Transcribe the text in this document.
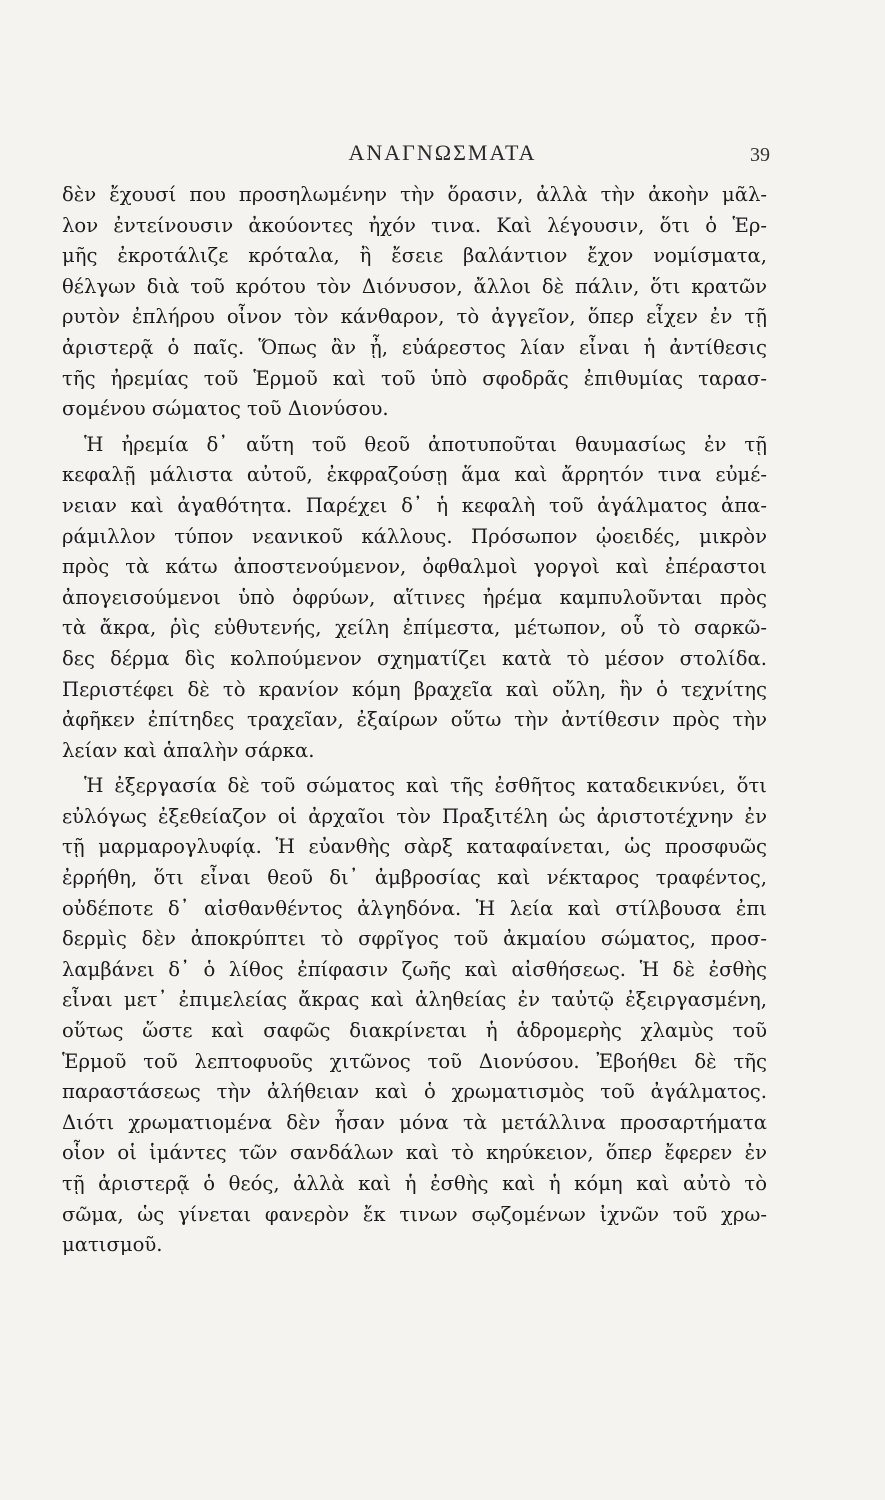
ΑΝΑΓΝΩΣΜΑΤΑ	39
δὲν ἔχουσί που προσηλωμένην τὴν ὅρασιν, ἀλλὰ τὴν ἀκοὴν μᾶλ-
λον ἐντείνουσιν ἀκούοντες ἠχόν τινα. Καὶ λέγουσιν, ὅτι ὁ Ἑρ-
μῆς ἐκροτάλιζε κρόταλα, ἢ ἔσειε βαλάντιον ἔχον νομίσματα,
θέλγων διὰ τοῦ κρότου τὸν Διόνυσον, ἄλλοι δὲ πάλιν, ὅτι κρατῶν
ρυτὸν ἐπλήρου οἶνον τὸν κάνθαρον, τὸ ἀγγεῖον, ὅπερ εἶχεν ἐν τῇ
ἀριστερᾷ ὁ παῖς. Ὅπως ἂν ᾖ, εὐάρεστος λίαν εἶναι ἡ ἀντίθεσις
τῆς ἠρεμίας τοῦ Ἑρμοῦ καὶ τοῦ ὑπὸ σφοδρᾶς ἐπιθυμίας ταρασ-
σομένου σώματος τοῦ Διονύσου.
Ἡ ἠρεμία δ᾽ αὕτη τοῦ θεοῦ ἀποτυποῦται θαυμασίως ἐν τῇ
κεφαλῇ μάλιστα αὐτοῦ, ἐκφραζούσῃ ἅμα καὶ ἄρρητόν τινα εὐμέ-
νειαν καὶ ἀγαθότητα. Παρέχει δ᾽ ἡ κεφαλὴ τοῦ ἀγάλματος ἀπα-
ράμιλλον τύπον νεανικοῦ κάλλους. Πρόσωπον ᾠοειδές, μικρὸν
πρὸς τὰ κάτω ἀποστενούμενον, ὀφθαλμοὶ γοργοὶ καὶ ἐπέραστοι
ἀπογεισούμενοι ὑπὸ ὀφρύων, αἵτινες ἠρέμα καμπυλοῦνται πρὸς
τὰ ἄκρα, ῥὶς εὐθυτενής, χείλη ἐπίμεστα, μέτωπον, οὗ τὸ σαρκῶ-
δες δέρμα δὶς κολπούμενον σχηματίζει κατὰ τὸ μέσον στολίδα.
Περιστέφει δὲ τὸ κρανίον κόμη βραχεῖα καὶ οὔλη, ἣν ὁ τεχνίτης
ἀφῆκεν ἐπίτηδες τραχεῖαν, ἐξαίρων οὕτω τὴν ἀντίθεσιν πρὸς τὴν
λείαν καὶ ἁπαλὴν σάρκα.
Ἡ ἐξεργασία δὲ τοῦ σώματος καὶ τῆς ἐσθῆτος καταδεικνύει, ὅτι
εὐλόγως ἐξεθείαζον οἱ ἀρχαῖοι τὸν Πραξιτέλη ὡς ἀριστοτέχνην ἐν
τῇ μαρμαρογλυφίᾳ. Ἡ εὐανθὴς σὰρξ καταφαίνεται, ὡς προσφυῶς
ἐρρήθη, ὅτι εἶναι θεοῦ δι᾽ ἀμβροσίας καὶ νέκταρος τραφέντος,
οὐδέποτε δ᾽ αἰσθανθέντος ἀλγηδόνα. Ἡ λεία καὶ στίλβουσα ἐπι
δερμὶς δὲν ἀποκρύπτει τὸ σφρῖγος τοῦ ἀκμαίου σώματος, προσ-
λαμβάνει δ᾽ ὁ λίθος ἐπίφασιν ζωῆς καὶ αἰσθήσεως. Ἡ δὲ ἐσθὴς
εἶναι μετ᾽ ἐπιμελείας ἄκρας καὶ ἀληθείας ἐν ταὐτῷ ἐξειργασμένη,
οὕτως ὥστε καὶ σαφῶς διακρίνεται ἡ ἁδρομερὴς χλαμὺς τοῦ
Ἑρμοῦ τοῦ λεπτοφυοῦς χιτῶνος τοῦ Διονύσου. Ἐβοήθει δὲ τῆς
παραστάσεως τὴν ἀλήθειαν καὶ ὁ χρωματισμὸς τοῦ ἀγάλματος.
Διότι χρωματιομένα δὲν ἦσαν μόνα τὰ μετάλλινα προσαρτήματα
οἷον οἱ ἱμάντες τῶν σανδάλων καὶ τὸ κηρύκειον, ὅπερ ἔφερεν ἐν
τῇ ἀριστερᾷ ὁ θεός, ἀλλὰ καὶ ἡ ἐσθὴς καὶ ἡ κόμη καὶ αὐτὸ τὸ
σῶμα, ὡς γίνεται φανερὸν ἔκ τινων σῳζομένων ἰχνῶν τοῦ χρω-
ματισμοῦ.
